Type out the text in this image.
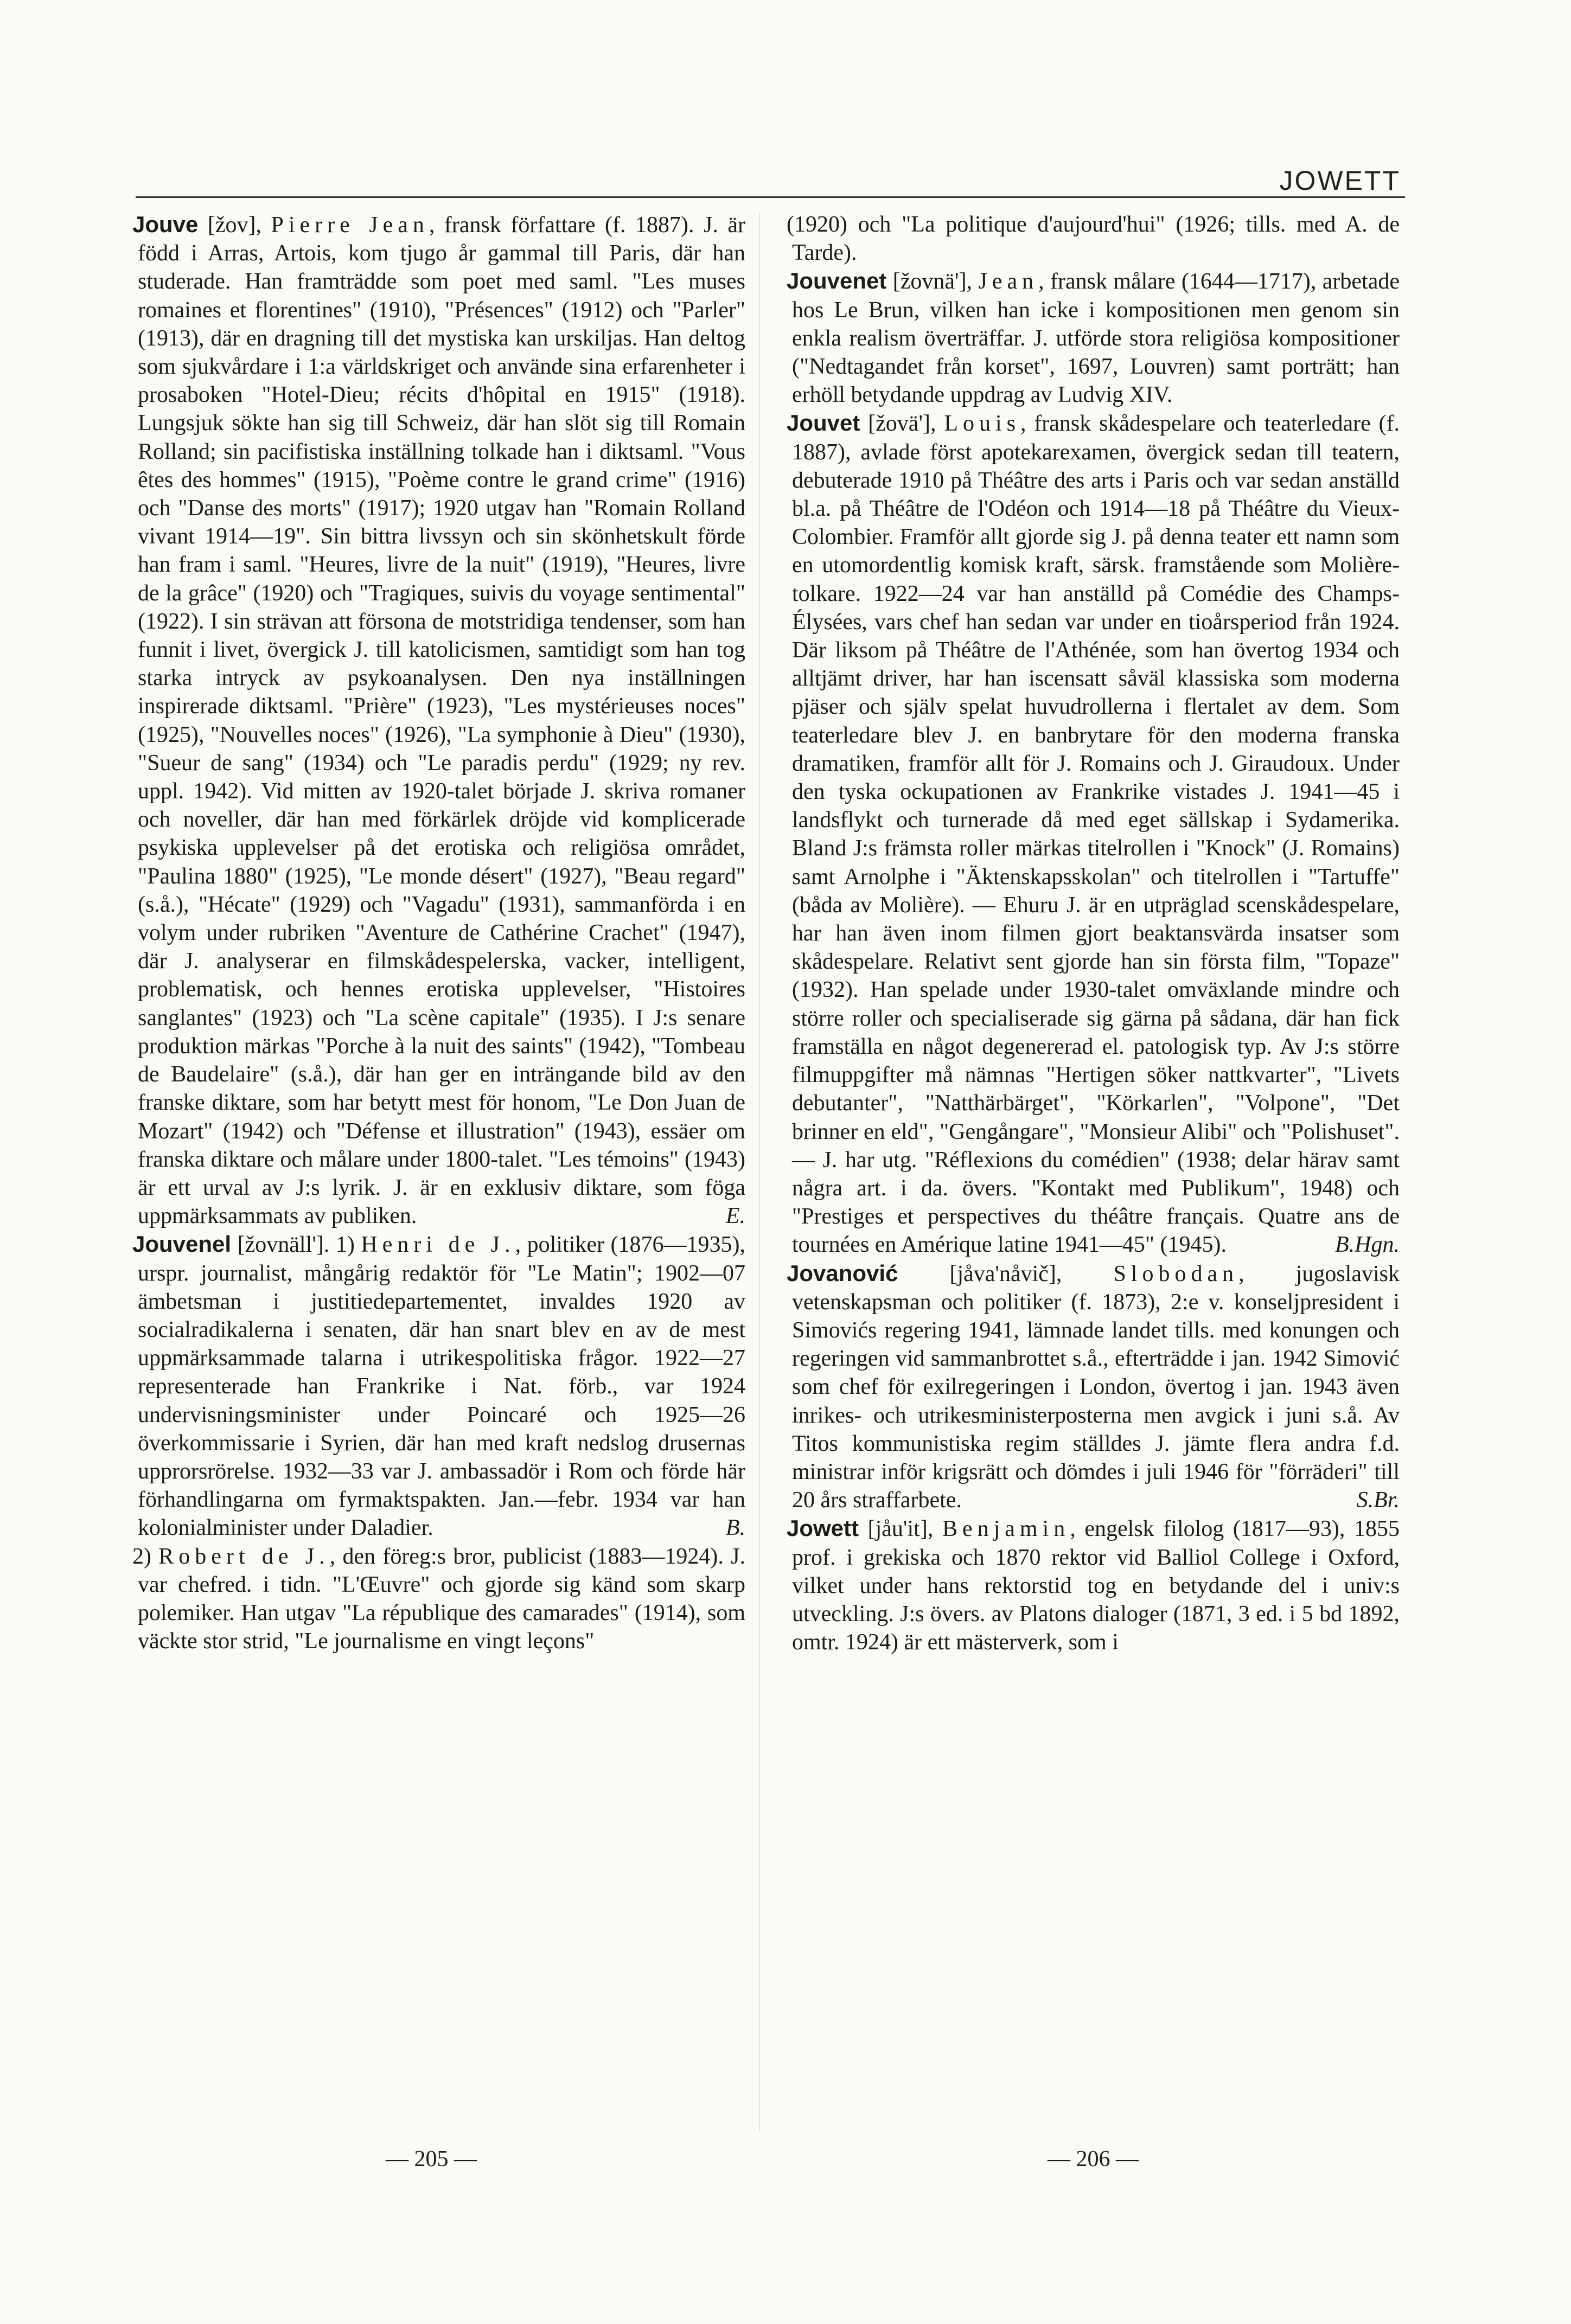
JOWETT

Jouve [žov], Pierre Jean, fransk författare (f. 1887). J. är född i Arras, Artois, kom tjugo år gammal till Paris, där han studerade. Han framträdde som poet med saml. "Les muses romaines et florentines" (1910), "Présences" (1912) och "Parler" (1913), där en dragning till det mystiska kan urskiljas. Han deltog som sjukvårdare i 1:a världskriget och använde sina erfarenheter i prosaboken "Hotel-Dieu; récits d'hôpital en 1915" (1918). Lungsjuk sökte han sig till Schweiz, där han slöt sig till Romain Rolland; sin pacifistiska inställning tolkade han i diktsaml. "Vous êtes des hommes" (1915), "Poème contre le grand crime" (1916) och "Danse des morts" (1917); 1920 utgav han "Romain Rolland vivant 1914—19". Sin bittra livssyn och sin skönhetskult förde han fram i saml. "Heures, livre de la nuit" (1919), "Heures, livre de la grâce" (1920) och "Tragiques, suivis du voyage sentimental" (1922). I sin strävan att försona de motstridiga tendenser, som han funnit i livet, övergick J. till katolicismen, samtidigt som han tog starka intryck av psykoanalysen. Den nya inställningen inspirerade diktsaml. "Prière" (1923), "Les mystérieuses noces" (1925), "Nouvelles noces" (1926), "La symphonie à Dieu" (1930), "Sueur de sang" (1934) och "Le paradis perdu" (1929; ny rev. uppl. 1942). Vid mitten av 1920-talet började J. skriva romaner och noveller, där han med förkärlek dröjde vid komplicerade psykiska upplevelser på det erotiska och religiösa området, "Paulina 1880" (1925), "Le monde désert" (1927), "Beau regard" (s.å.), "Hécate" (1929) och "Vagadu" (1931), sammanförda i en volym under rubriken "Aventure de Cathérine Crachet" (1947), där J. analyserar en filmskådespelerska, vacker, intelligent, problematisk, och hennes erotiska upplevelser, "Histoires sanglantes" (1923) och "La scène capitale" (1935). I J:s senare produktion märkas "Porche à la nuit des saints" (1942), "Tombeau de Baudelaire" (s.å.), där han ger en inträngande bild av den franske diktare, som har betytt mest för honom, "Le Don Juan de Mozart" (1942) och "Défense et illustration" (1943), essäer om franska diktare och målare under 1800-talet. "Les témoins" (1943) är ett urval av J:s lyrik. J. är en exklusiv diktare, som föga uppmärksammats av publiken.	E.

Jouvenel [žovnäll']. 1) Henri de J., politiker (1876—1935), urspr. journalist, mångårig redaktör för "Le Matin"; 1902—07 ämbetsman i justitiedepartementet, invaldes 1920 av socialradikalerna i senaten, där han snart blev en av de mest uppmärksammade talarna i utrikespolitiska frågor. 1922—27 representerade han Frankrike i Nat. förb., var 1924 undervisningsminister under Poincaré och 1925—26 överkommissarie i Syrien, där han med kraft nedslog drusernas upprorsrörelse. 1932—33 var J. ambassadör i Rom och förde här förhandlingarna om fyrmaktspakten. Jan.—febr. 1934 var han kolonialminister under Daladier.	B.

2) Robert de J., den föreg:s bror, publicist (1883—1924). J. var chefred. i tidn. "L'Œuvre" och gjorde sig känd som skarp polemiker. Han utgav "La république des camarades" (1914), som väckte stor strid, "Le journalisme en vingt leçons"

(1920) och "La politique d'aujourd'hui" (1926; tills. med A. de Tarde).

Jouvenet [žovnä'], Jean, fransk målare (1644—1717), arbetade hos Le Brun, vilken han icke i kompositionen men genom sin enkla realism överträffar. J. utförde stora religiösa kompositioner ("Nedtagandet från korset", 1697, Louvren) samt porträtt; han erhöll betydande uppdrag av Ludvig XIV.

Jouvet [žovä'], Louis, fransk skådespelare och teaterledare (f. 1887), avlade först apotekarexamen, övergick sedan till teatern, debuterade 1910 på Théâtre des arts i Paris och var sedan anställd bl.a. på Théâtre de l'Odéon och 1914—18 på Théâtre du Vieux-Colombier. Framför allt gjorde sig J. på denna teater ett namn som en utomordentlig komisk kraft, särsk. framstående som Molière-tolkare. 1922—24 var han anställd på Comédie des Champs-Élysées, vars chef han sedan var under en tioårsperiod från 1924. Där liksom på Théâtre de l'Athénée, som han övertog 1934 och alltjämt driver, har han iscensatt såväl klassiska som moderna pjäser och själv spelat huvudrollerna i flertalet av dem. Som teaterledare blev J. en banbrytare för den moderna franska dramatiken, framför allt för J. Romains och J. Giraudoux. Under den tyska ockupationen av Frankrike vistades J. 1941—45 i landsflykt och turnerade då med eget sällskap i Sydamerika. Bland J:s främsta roller märkas titelrollen i "Knock" (J. Romains) samt Arnolphe i "Äktenskapsskolan" och titelrollen i "Tartuffe" (båda av Molière). — Ehuru J. är en utpräglad scenskådespelare, har han även inom filmen gjort beaktansvärda insatser som skådespelare. Relativt sent gjorde han sin första film, "Topaze" (1932). Han spelade under 1930-talet omväxlande mindre och större roller och specialiserade sig gärna på sådana, där han fick framställa en något degenererad el. patologisk typ. Av J:s större filmuppgifter må nämnas "Hertigen söker nattkvarter", "Livets debutanter", "Natthärbärget", "Körkarlen", "Volpone", "Det brinner en eld", "Gengångare", "Monsieur Alibi" och "Polishuset". — J. har utg. "Réflexions du comédien" (1938; delar härav samt några art. i da. övers. "Kontakt med Publikum", 1948) och "Prestiges et perspectives du théâtre français. Quatre ans de tournées en Amérique latine 1941—45" (1945).	B.Hgn.

Jovanović [jåva'nåvič], Slobodan, jugoslavisk vetenskapsman och politiker (f. 1873), 2:e v. konseljpresident i Simovićs regering 1941, lämnade landet tills. med konungen och regeringen vid sammanbrottet s.å., efterträdde i jan. 1942 Simović som chef för exilregeringen i London, övertog i jan. 1943 även inrikes- och utrikesministerposterna men avgick i juni s.å. Av Titos kommunistiska regim ställdes J. jämte flera andra f.d. ministrar inför krigsrätt och dömdes i juli 1946 för "förräderi" till 20 års straffarbete.	S.Br.

Jowett [jåu'it], Benjamin, engelsk filolog (1817—93), 1855 prof. i grekiska och 1870 rektor vid Balliol College i Oxford, vilket under hans rektorstid tog en betydande del i univ:s utveckling. J:s övers. av Platons dialoger (1871, 3 ed. i 5 bd 1892, omtr. 1924) är ett mästerverk, som i

— 205 —	— 206 —
